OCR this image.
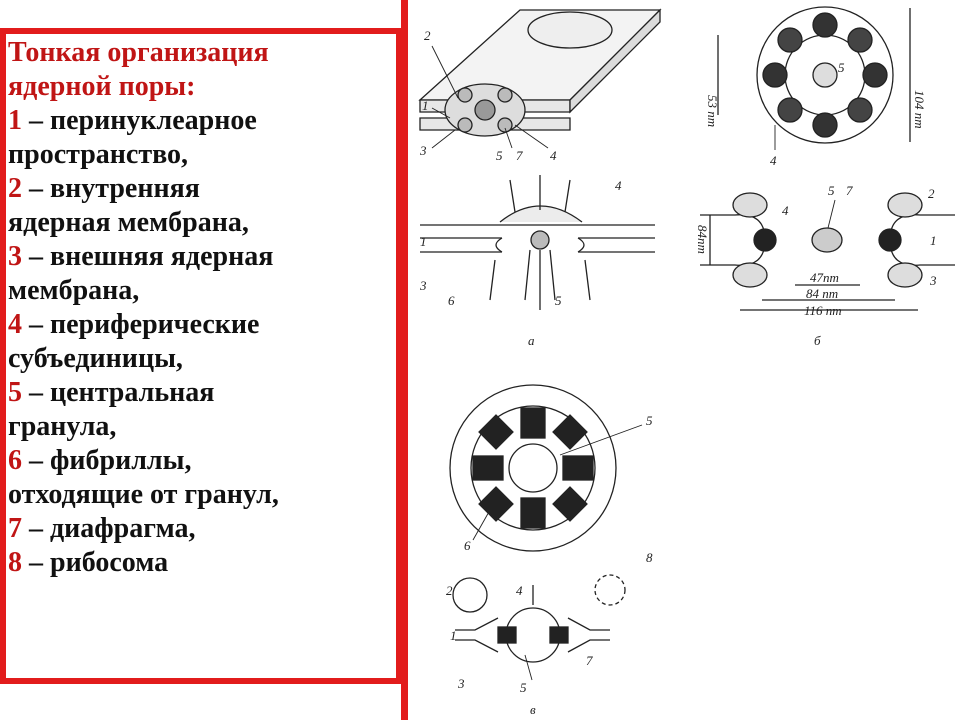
Тонкая организация
ядерной поры:
1 – перинуклеарное
пространство,
2 – внутренняя
ядерная мембрана,
3 – внешняя ядерная
мембрана,
4 – периферические
субъединицы,
5 – центральная
гранула,
6 – фибриллы,
отходящие от гранул,
7 – диафрагма,
8 – рибосома
2
1
3	5 7 4
4
1
3
6	5
а
5
4
53 nm	104 nm
5 7	2
4
1
3
84nm
47nm
84 nm
116 nm
б
5
6
2	4
8
1
7
3	5
в
